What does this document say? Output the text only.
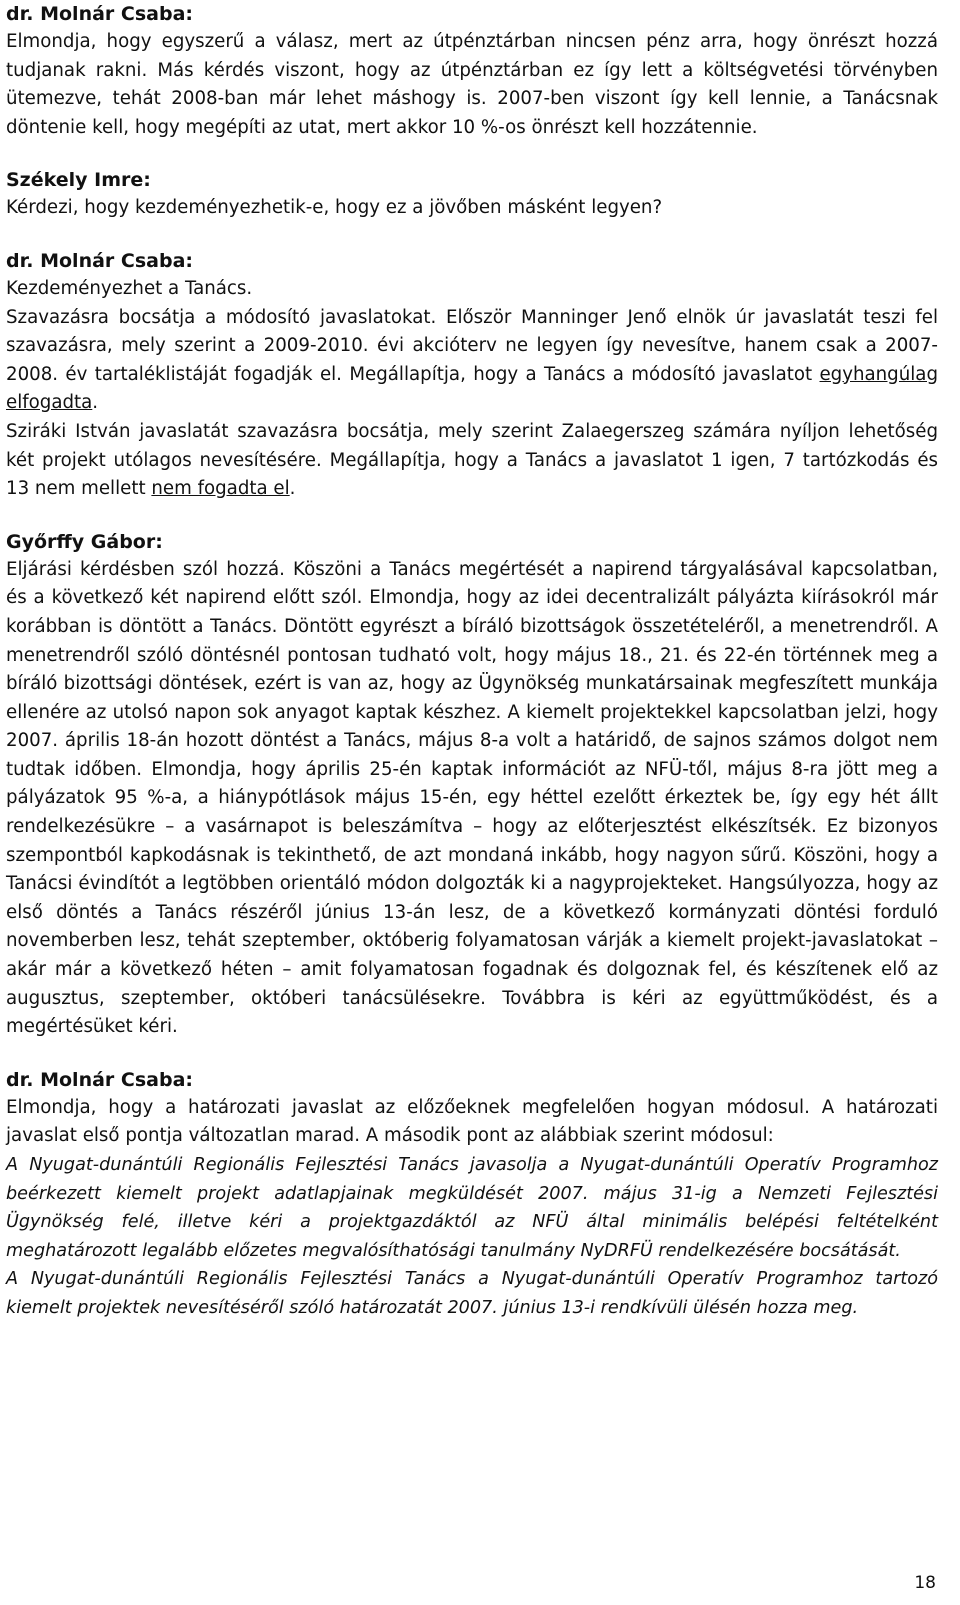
dr. Molnár Csaba:

Elmondja, hogy egyszerű a válasz, mert az útpénztárban nincsen pénz arra, hogy önrészt hozzá tudjanak rakni. Más kérdés viszont, hogy az útpénztárban ez így lett a költségvetési törvényben ütemezve, tehát 2008-ban már lehet máshogy is. 2007-ben viszont így kell lennie, a Tanácsnak döntenie kell, hogy megépíti az utat, mert akkor 10 %-os önrészt kell hozzátennie.

Székely Imre:

Kérdezi, hogy kezdeményezhetik-e, hogy ez a jövőben másként legyen?

dr. Molnár Csaba:

Kezdeményezhet a Tanács.

Szavazásra bocsátja a módosító javaslatokat. Először Manninger Jenő elnök úr javaslatát teszi fel szavazásra, mely szerint a 2009-2010. évi akcióterv ne legyen így nevesítve, hanem csak a 2007-2008. év tartaléklistáját fogadják el. Megállapítja, hogy a Tanács a módosító javaslatot egyhangúlag elfogadta.

Sziráki István javaslatát szavazásra bocsátja, mely szerint Zalaegerszeg számára nyíljon lehetőség két projekt utólagos nevesítésére. Megállapítja, hogy a Tanács a javaslatot 1 igen, 7 tartózkodás és 13 nem mellett nem fogadta el.

Győrffy Gábor:

Eljárási kérdésben szól hozzá. Köszöni a Tanács megértését a napirend tárgyalásával kapcsolatban, és a következő két napirend előtt szól. Elmondja, hogy az idei decentralizált pályázta kiírásokról már korábban is döntött a Tanács. Döntött egyrészt a bíráló bizottságok összetételéről, a menetrendről. A menetrendről szóló döntésnél pontosan tudható volt, hogy május 18., 21. és 22-én történnek meg a bíráló bizottsági döntések, ezért is van az, hogy az Ügynökség munkatársainak megfeszített munkája ellenére az utolsó napon sok anyagot kaptak készhez. A kiemelt projektekkel kapcsolatban jelzi, hogy 2007. április 18-án hozott döntést a Tanács, május 8-a volt a határidő, de sajnos számos dolgot nem tudtak időben. Elmondja, hogy április 25-én kaptak információt az NFÜ-től, május 8-ra jött meg a pályázatok 95 %-a, a hiánypótlások május 15-én, egy héttel ezelőtt érkeztek be, így egy hét állt rendelkezésükre – a vasárnapot is beleszámítva – hogy az előterjesztést elkészítsék. Ez bizonyos szempontból kapkodásnak is tekinthető, de azt mondaná inkább, hogy nagyon sűrű. Köszöni, hogy a Tanácsi évindítót a legtöbben orientáló módon dolgozták ki a nagyprojekteket. Hangsúlyozza, hogy az első döntés a Tanács részéről június 13-án lesz, de a következő kormányzati döntési forduló novemberben lesz, tehát szeptember, októberig folyamatosan várják a kiemelt projekt-javaslatokat – akár már a következő héten – amit folyamatosan fogadnak és dolgoznak fel, és készítenek elő az augusztus, szeptember, októberi tanácsülésekre. Továbbra is kéri az együttműködést, és a megértésüket kéri.

dr. Molnár Csaba:

Elmondja, hogy a határozati javaslat az előzőeknek megfelelően hogyan módosul. A határozati javaslat első pontja változatlan marad. A második pont az alábbiak szerint módosul:

A Nyugat-dunántúli Regionális Fejlesztési Tanács javasolja a Nyugat-dunántúli Operatív Programhoz beérkezett kiemelt projekt adatlapjainak megküldését 2007. május 31-ig a Nemzeti Fejlesztési Ügynökség felé, illetve kéri a projektgazdáktól az NFÜ által minimális belépési feltételként meghatározott legalább előzetes megvalósíthatósági tanulmány NyDRFÜ rendelkezésére bocsátását.

A Nyugat-dunántúli Regionális Fejlesztési Tanács a Nyugat-dunántúli Operatív Programhoz tartozó kiemelt projektek nevesítéséről szóló határozatát 2007. június 13-i rendkívüli ülésén hozza meg.

18
